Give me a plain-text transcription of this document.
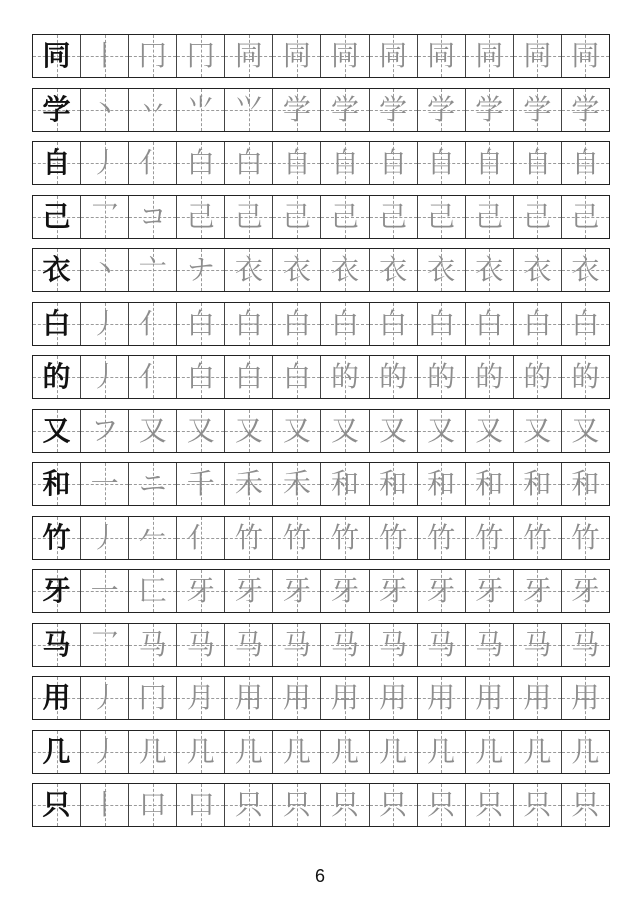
同 丨 冂 冂 同 同 同 同 同 同 同 同
学 丶 丷 ⺌ ⺍ 学 学 学 学 学 学 学
自 丿 亻 白 白 自 自 自 自 自 自 自
己 乛 コ 己 己 己 己 己 己 己 己 己
衣 丶 亠 ナ 衣 衣 衣 衣 衣 衣 衣 衣
白 丿 亻 白 白 白 白 白 白 白 白 白
的 丿 亻 白 白 白 的 的 的 的 的 的
又 フ 又 又 又 又 又 又 又 又 又 又
和 一 ニ 千 禾 禾 和 和 和 和 和 和
竹 丿 𠂉 亻 竹 竹 竹 竹 竹 竹 竹 竹
牙 一 匚 牙 牙 牙 牙 牙 牙 牙 牙 牙
马 乛 马 马 马 马 马 马 马 马 马 马
用 丿 冂 月 用 用 用 用 用 用 用 用
几 丿 几 几 几 几 几 几 几 几 几 几
只 丨 口 口 只 只 只 只 只 只 只 只
6
